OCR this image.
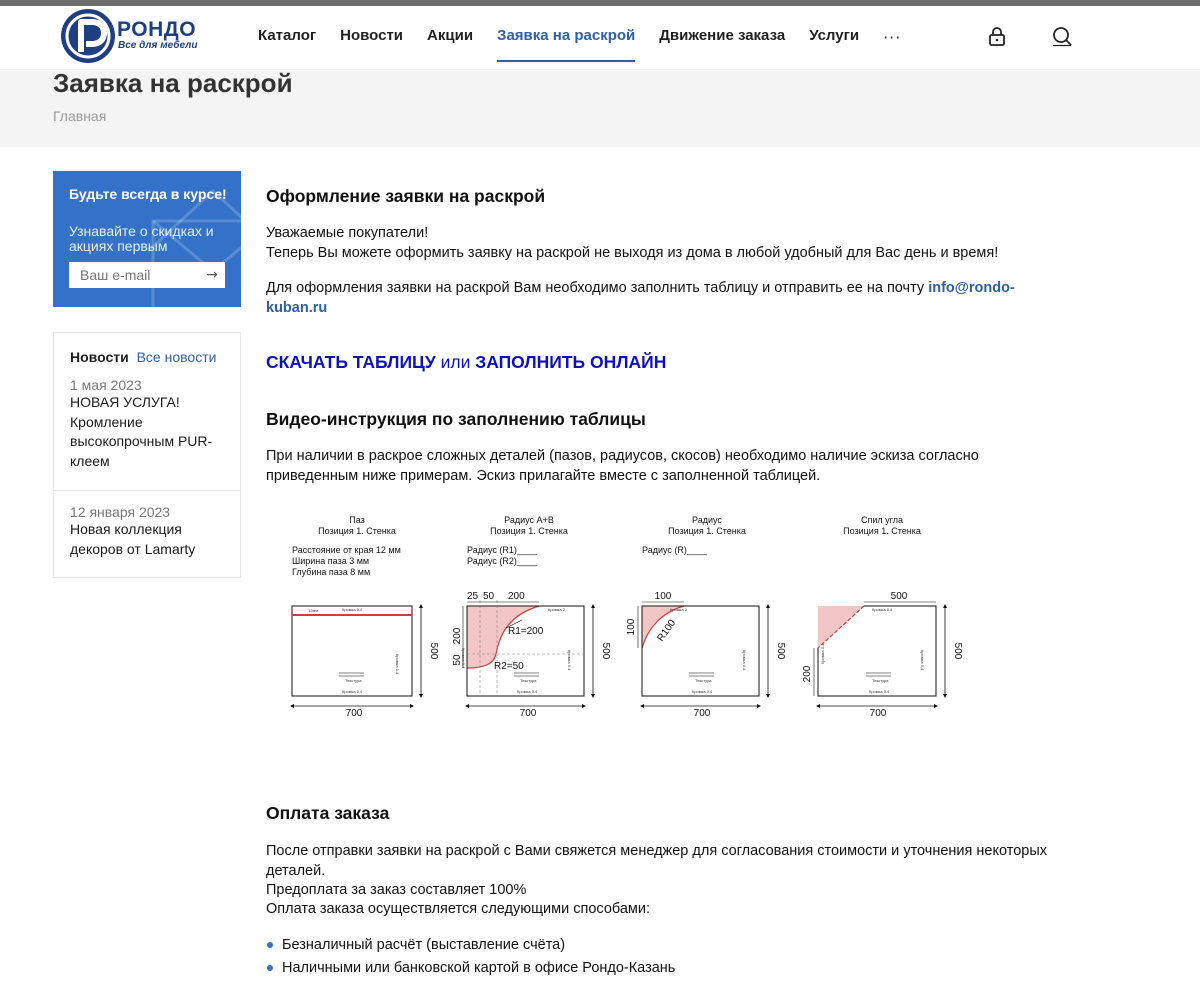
РОНДО
Все для мебели
Каталог Новости Акции Заявка на раскрой Движение заказа Услуги ···
Заявка на раскрой
Главная
Будьте всегда в курсе!
Узнавайте о скидках и акциях первым
Ваш e-mail
→
Новости Все новости
1 мая 2023
НОВАЯ УСЛУГА! Кромление высокопрочным PUR-клеем
12 января 2023
Новая коллекция декоров от Lamarty
Оформление заявки на раскрой

Уважаемые покупатели!

Теперь Вы можете оформить заявку на раскрой не выходя из дома в любой удобный для Вас день и время!

Для оформления заявки на раскрой Вам необходимо заполнить таблицу и отправить ее на почту info@rondo-kuban.ru

СКАЧАТЬ ТАБЛИЦУ или ЗАПОЛНИТЬ ОНЛАЙН
Видео-инструкция по заполнению таблицы

При наличии в раскрое сложных деталей (пазов, радиусов, скосов) необходимо наличие эскиза согласно приведенным ниже примерам. Эскиз прилагайте вместе с заполненной таблицей.

Паз
Позиция 1. Стенка
Расстояние от края 12 мм
Ширина паза 3 мм
Глубина паза 8 мм
12мм	Кромка 0.4
Кромка 0.4
Кромка 0.4
Текстура
700
500
Радиус А+В
Позиция 1. Стенка
Радиус (R1)____
Радиус (R2)____
25 50 200
200
50
R1=200
R2=50
Кромка 2
Кромка 0.4	Кромка 0.4
Кромка 0.4
Текстура
700
500
Радиус
Позиция 1. Стенка
Радиус (R)____
100
100 R100
Кромка 2
Кромка 0.4
Кромка 0.4
Текстура
700
500
Спил угла
Позиция 1. Стенка
500
200
Кромка 0.4
Кромка 0.4	Кромка 0.4
Кромка 0.4
Текстура
700
500
Оплата заказа

После отправки заявки на раскрой с Вами свяжется менеджер для согласования стоимости и уточнения некоторых деталей.

Предоплата за заказ составляет 100%

Оплата заказа осуществляется следующими способами:

Безналичный расчёт (выставление счёта)
Наличными или банковской картой в офисе Рондо-Казань
